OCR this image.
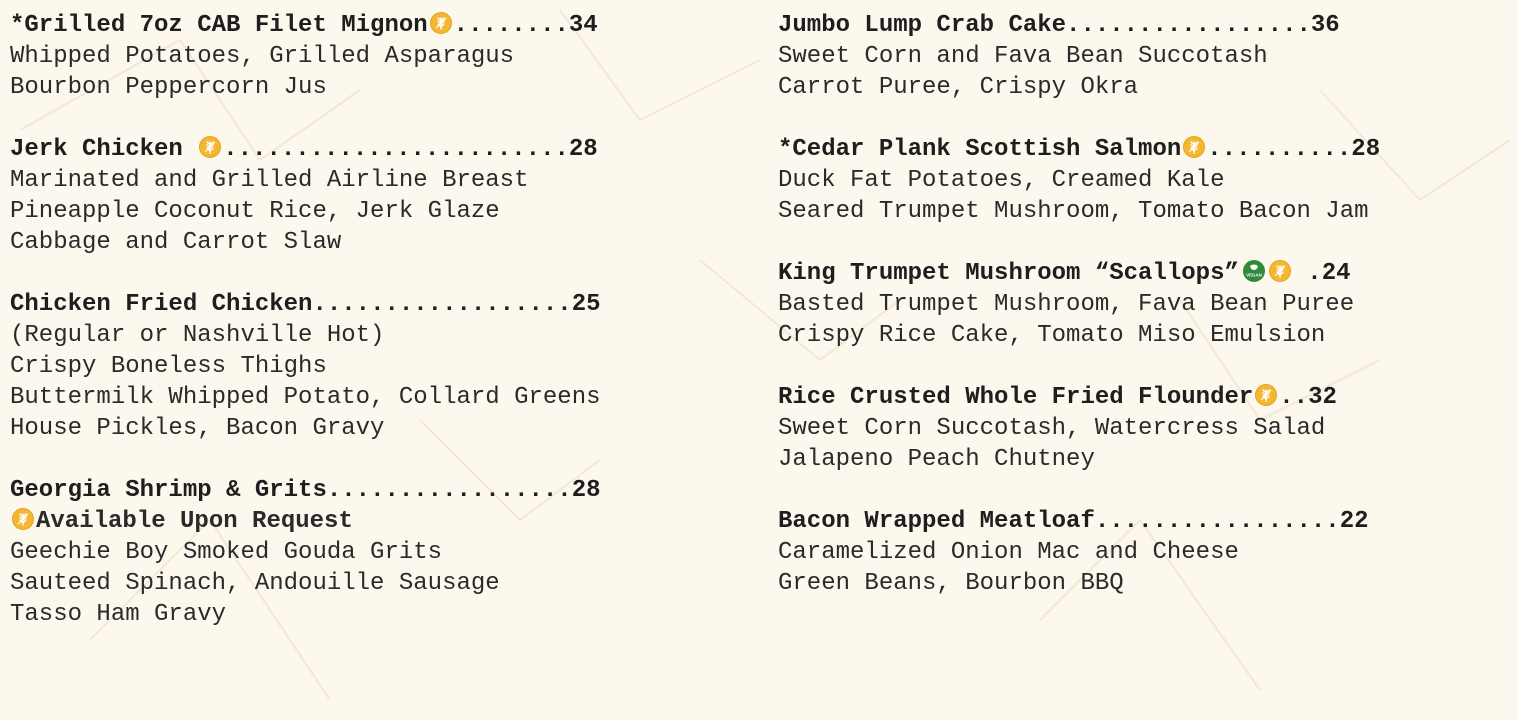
*Grilled 7oz CAB Filet Mignon ........34
Whipped Potatoes, Grilled Asparagus
Bourbon Peppercorn Jus
Jerk Chicken
........................28
Marinated and Grilled Airline Breast
Pineapple Coconut Rice, Jerk Glaze
Cabbage and Carrot Slaw
Chicken Fried Chicken..................25
(Regular or Nashville Hot)
Crispy Boneless Thighs
Buttermilk Whipped Potato, Collard Greens
House Pickles, Bacon Gravy
Georgia Shrimp & Grits.................28
Available Upon Request
Geechie Boy Smoked Gouda Grits
Sauteed Spinach, Andouille Sausage
Tasso Ham Gravy
Jumbo Lump Crab Cake.................36
Sweet Corn and Fava Bean Succotash
Carrot Puree, Crispy Okra
*Cedar Plank Scottish Salmon ..........28
Duck Fat Potatoes, Creamed Kale
Seared Trumpet Mushroom, Tomato Bacon Jam
King Trumpet Mushroom “Scallops” VEGAN .24
Basted Trumpet Mushroom, Fava Bean Puree
Crispy Rice Cake, Tomato Miso Emulsion
Rice Crusted Whole Fried Flounder ..32
Sweet Corn Succotash, Watercress Salad
Jalapeno Peach Chutney
Bacon Wrapped Meatloaf.................22
Caramelized Onion Mac and Cheese
Green Beans, Bourbon BBQ
